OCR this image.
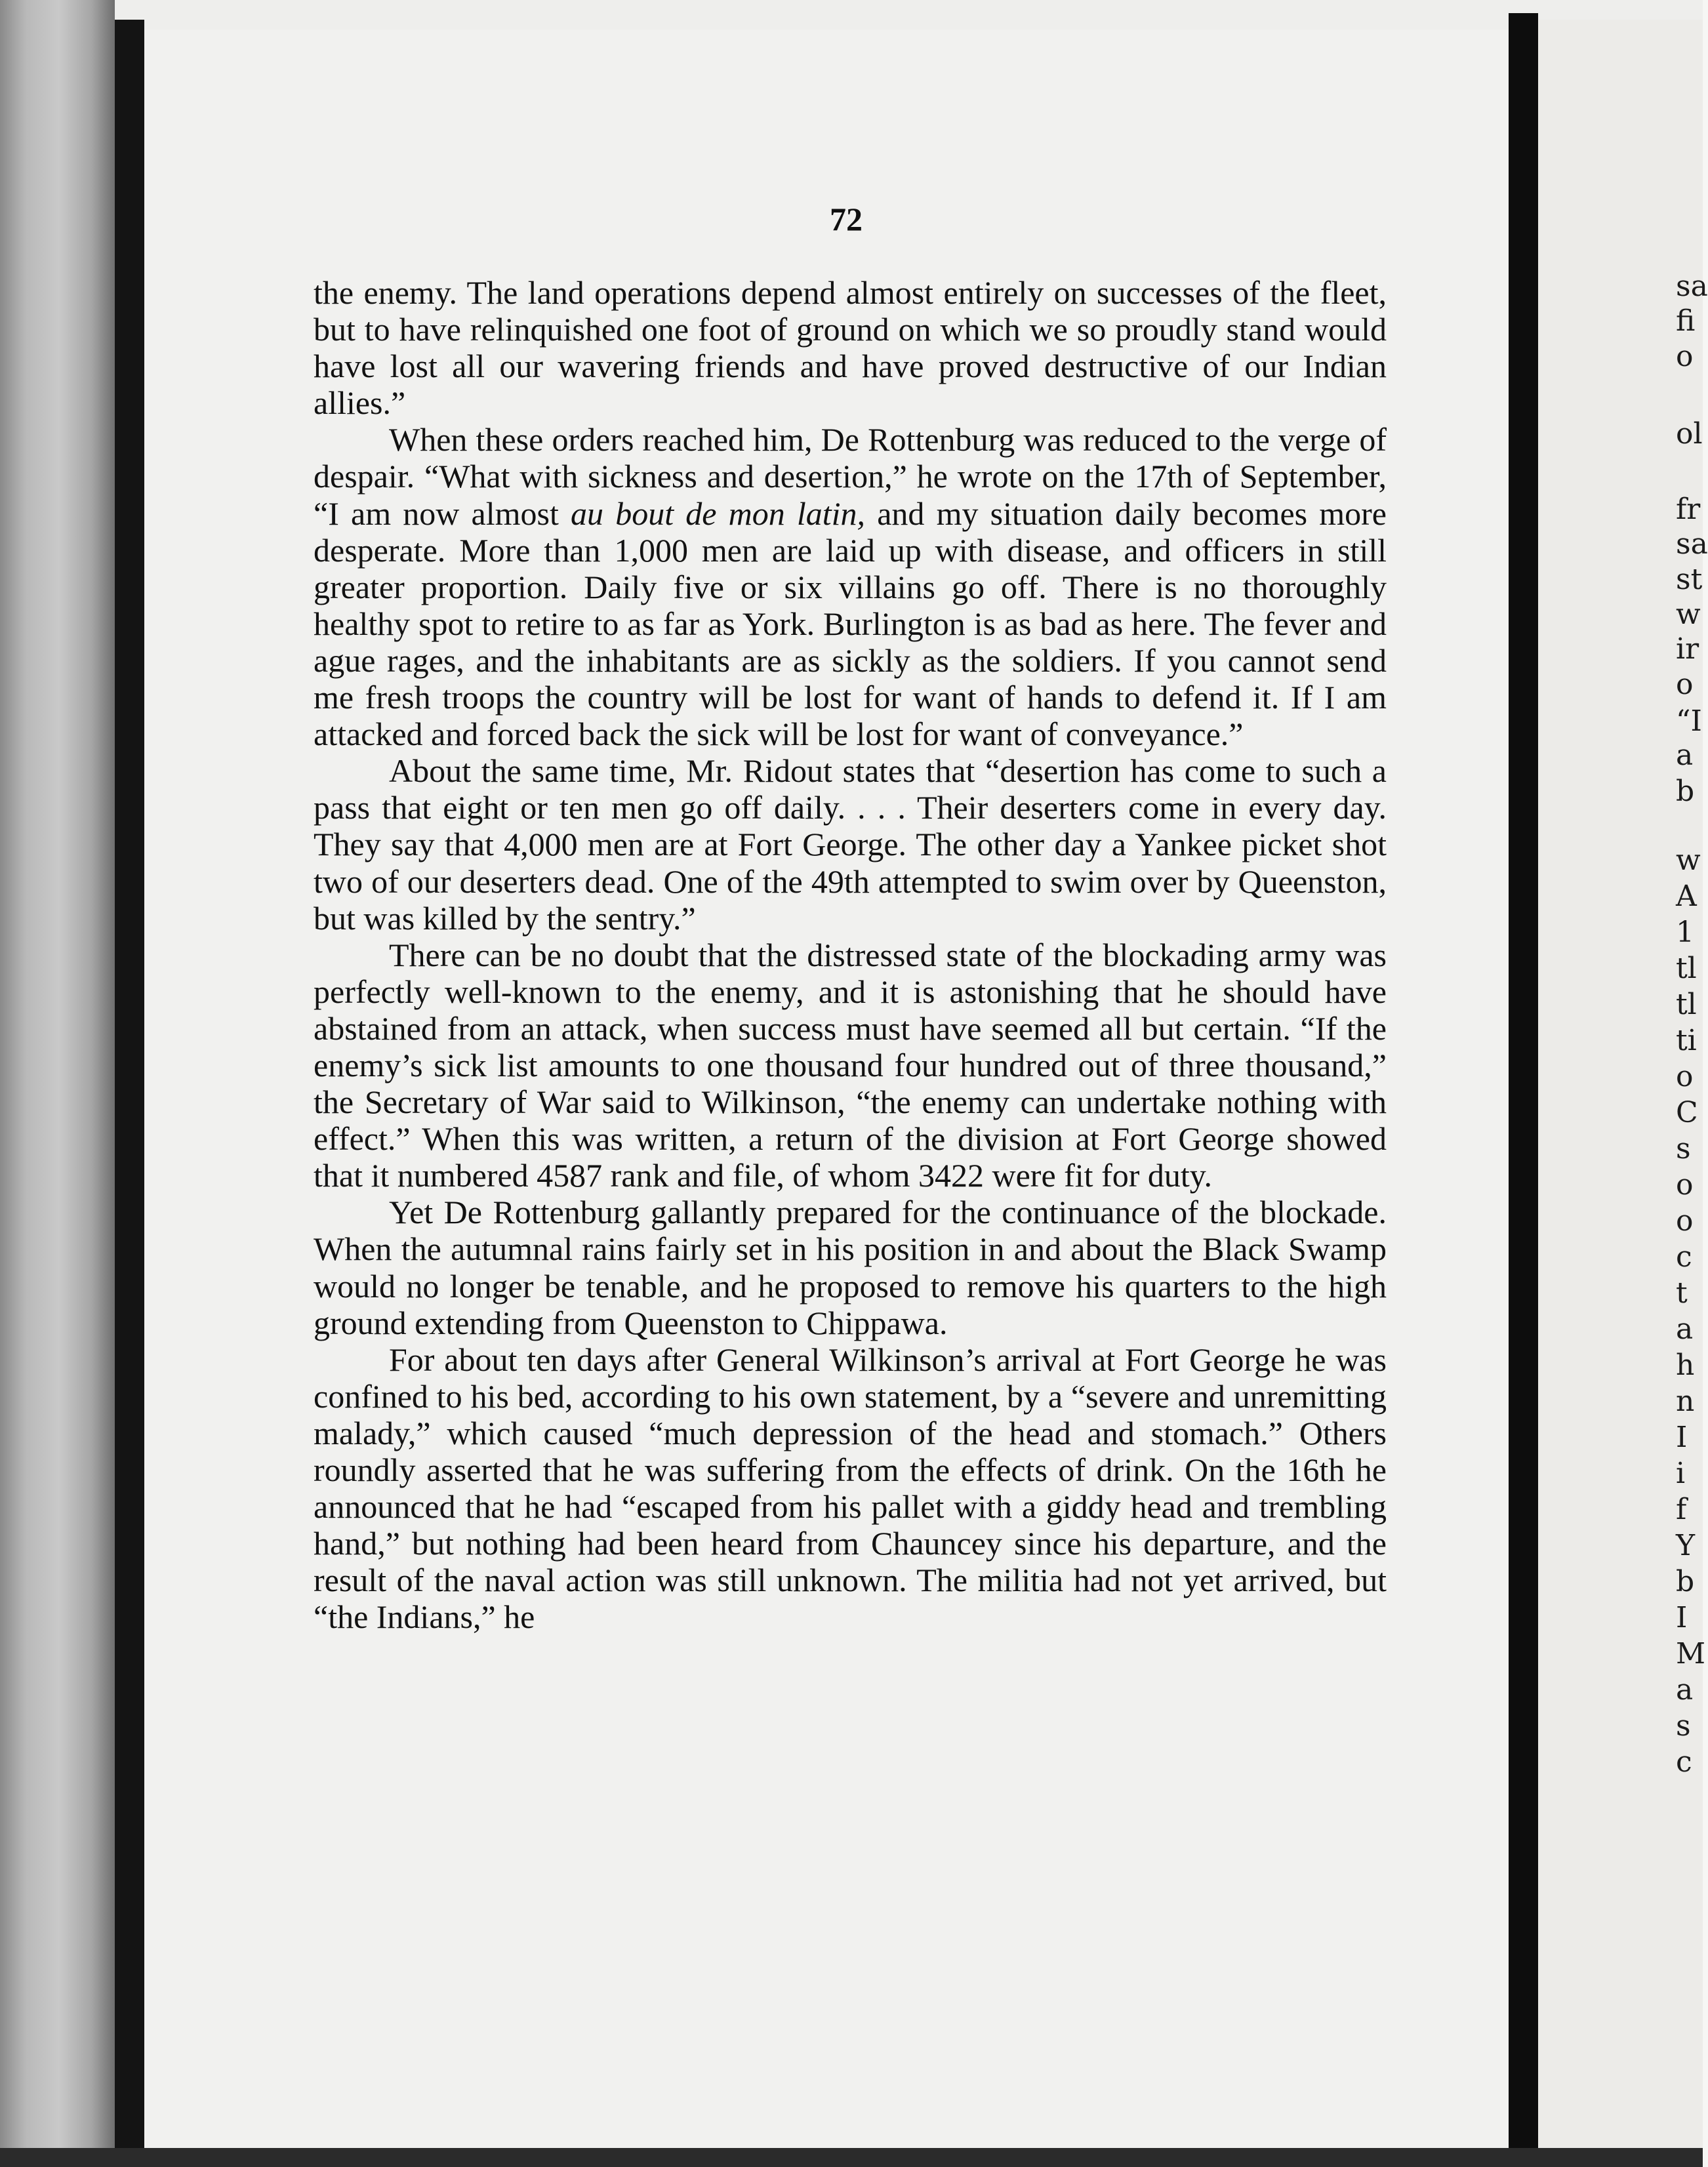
sa
fi
o
ol
fr
sa
st
w
ir
o
“I
a
b
w
A
1
tl
tl
ti
o
C
s
o
o
c
t
a
h
n
I
i
f
Y
b
I
M
a
s
c
72

the enemy. The land operations depend almost entirely on successes of the fleet, but to have relinquished one foot of ground on which we so proudly stand would have lost all our wavering friends and have proved destructive of our Indian allies.”

When these orders reached him, De Rottenburg was reduced to the verge of despair. “What with sickness and desertion,” he wrote on the 17th of September, “I am now almost au bout de mon latin, and my situation daily becomes more desperate. More than 1,000 men are laid up with disease, and officers in still greater proportion. Daily five or six villains go off. There is no thoroughly healthy spot to retire to as far as York. Burlington is as bad as here. The fever and ague rages, and the inhabitants are as sickly as the soldiers. If you cannot send me fresh troops the country will be lost for want of hands to defend it. If I am attacked and forced back the sick will be lost for want of conveyance.”

About the same time, Mr. Ridout states that “desertion has come to such a pass that eight or ten men go off daily. . . . Their deserters come in every day. They say that 4,000 men are at Fort George. The other day a Yankee picket shot two of our deserters dead. One of the 49th attempted to swim over by Queenston, but was killed by the sentry.”

There can be no doubt that the distressed state of the blockading army was perfectly well-known to the enemy, and it is astonishing that he should have abstained from an attack, when success must have seemed all but certain. “If the enemy’s sick list amounts to one thousand four hundred out of three thousand,” the Secretary of War said to Wilkinson, “the enemy can undertake nothing with effect.” When this was written, a return of the division at Fort George showed that it numbered 4587 rank and file, of whom 3422 were fit for duty.

Yet De Rottenburg gallantly prepared for the continuance of the blockade. When the autumnal rains fairly set in his position in and about the Black Swamp would no longer be tenable, and he proposed to remove his quarters to the high ground extending from Queenston to Chippawa.

For about ten days after General Wilkinson’s arrival at Fort George he was confined to his bed, according to his own statement, by a “severe and unremitting malady,” which caused “much depression of the head and stomach.” Others roundly asserted that he was suffering from the effects of drink. On the 16th he announced that he had “escaped from his pallet with a giddy head and trembling hand,” but nothing had been heard from Chauncey since his departure, and the result of the naval action was still unknown. The militia had not yet arrived, but “the Indians,” he
